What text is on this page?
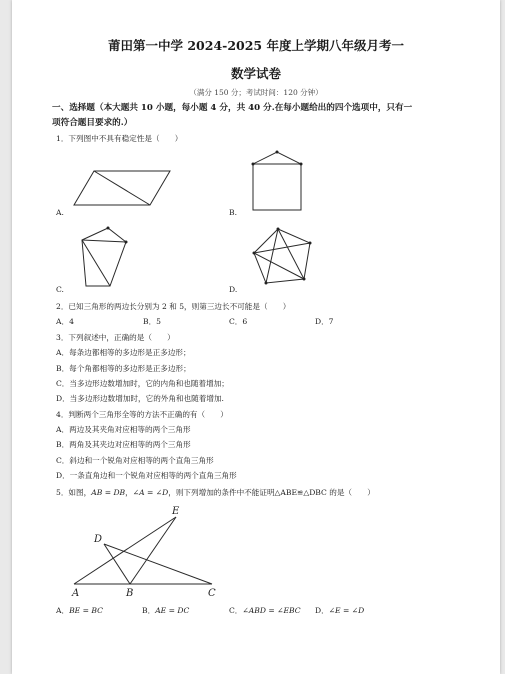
莆田第一中学 2024-2025 年度上学期八年级月考一
数学试卷
（满分 150 分；考试时间：120 分钟）
一、选择题（本大题共 10 小题，每小题 4 分，共 40 分.在每小题给出的四个选项中，只有一
项符合题目要求的.）
1．下列图中不具有稳定性是（　　）
A.	B.
C.	D.
2．已知三角形的两边长分别为 2 和 5，则第三边长不可能是（　　）
A．4	B．5	C．6	D．7
3．下列叙述中，正确的是（　　）
A．每条边都相等的多边形是正多边形；
B．每个角都相等的多边形是正多边形；
C．当多边形边数增加时，它的内角和也随着增加；
D．当多边形边数增加时，它的外角和也随着增加.
4．判断两个三角形全等的方法不正确的有（　　）
A．两边及其夹角对应相等的两个三角形
B．两角及其夹边对应相等的两个三角形
C．斜边和一个锐角对应相等的两个直角三角形
D．一条直角边和一个锐角对应相等的两个直角三角形
5．如图，AB = DB，∠A = ∠D，则下列增加的条件中不能证明△ABE≌△DBC 的是（　　）
E
D
A	B	C
A．BE = BC	B．AE = DC	C．∠ABD = ∠EBC D．∠E = ∠D
